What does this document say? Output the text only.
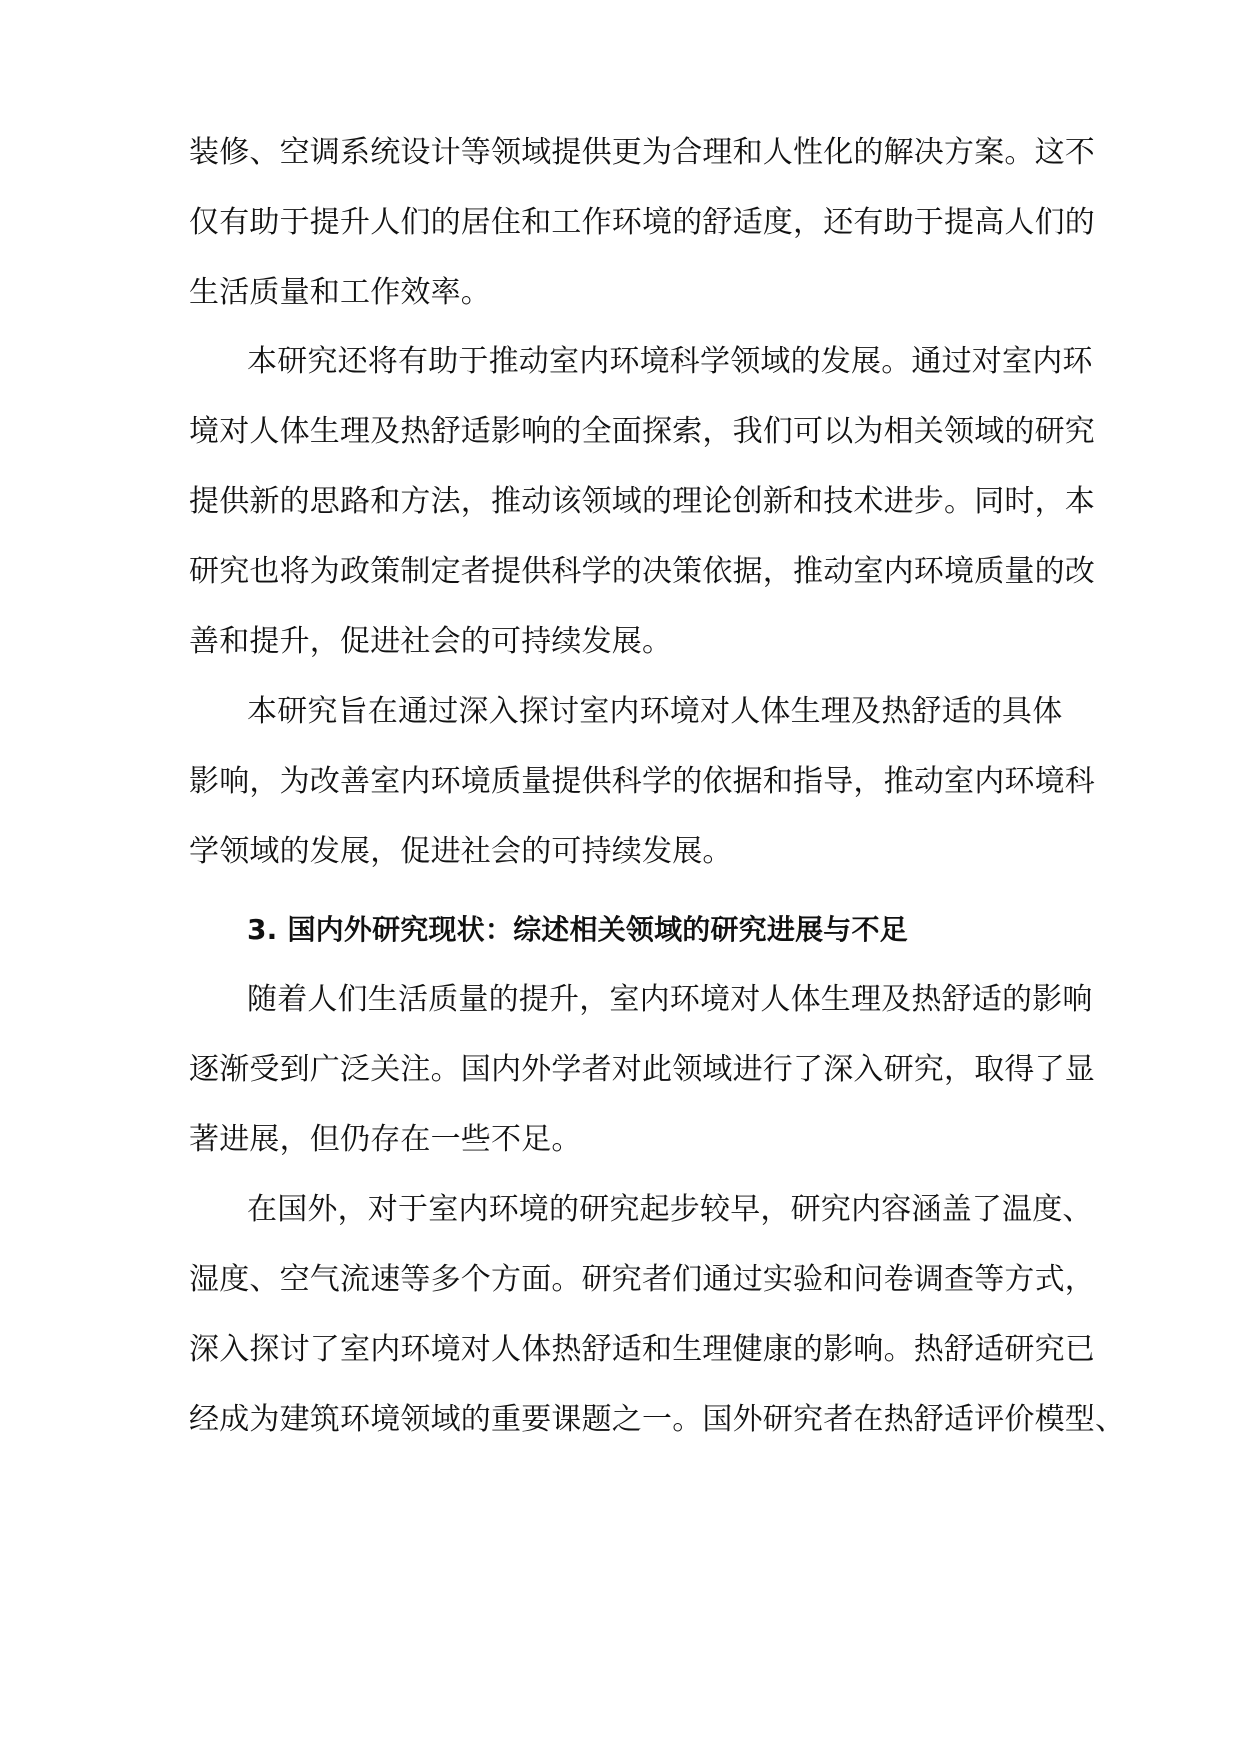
装修、空调系统设计等领域提供更为合理和人性化的解决方案。这不
仅有助于提升人们的居住和工作环境的舒适度，还有助于提高人们的
生活质量和工作效率。
本研究还将有助于推动室内环境科学领域的发展。通过对室内环
境对人体生理及热舒适影响的全面探索，我们可以为相关领域的研究
提供新的思路和方法，推动该领域的理论创新和技术进步。同时，本
研究也将为政策制定者提供科学的决策依据，推动室内环境质量的改
善和提升，促进社会的可持续发展。
本研究旨在通过深入探讨室内环境对人体生理及热舒适的具体
影响，为改善室内环境质量提供科学的依据和指导，推动室内环境科
学领域的发展，促进社会的可持续发展。
3. 国内外研究现状：综述相关领域的研究进展与不足
随着人们生活质量的提升，室内环境对人体生理及热舒适的影响
逐渐受到广泛关注。国内外学者对此领域进行了深入研究，取得了显
著进展，但仍存在一些不足。
在国外，对于室内环境的研究起步较早，研究内容涵盖了温度、
湿度、空气流速等多个方面。研究者们通过实验和问卷调查等方式，
深入探讨了室内环境对人体热舒适和生理健康的影响。热舒适研究已
经成为建筑环境领域的重要课题之一。国外研究者在热舒适评价模型、
